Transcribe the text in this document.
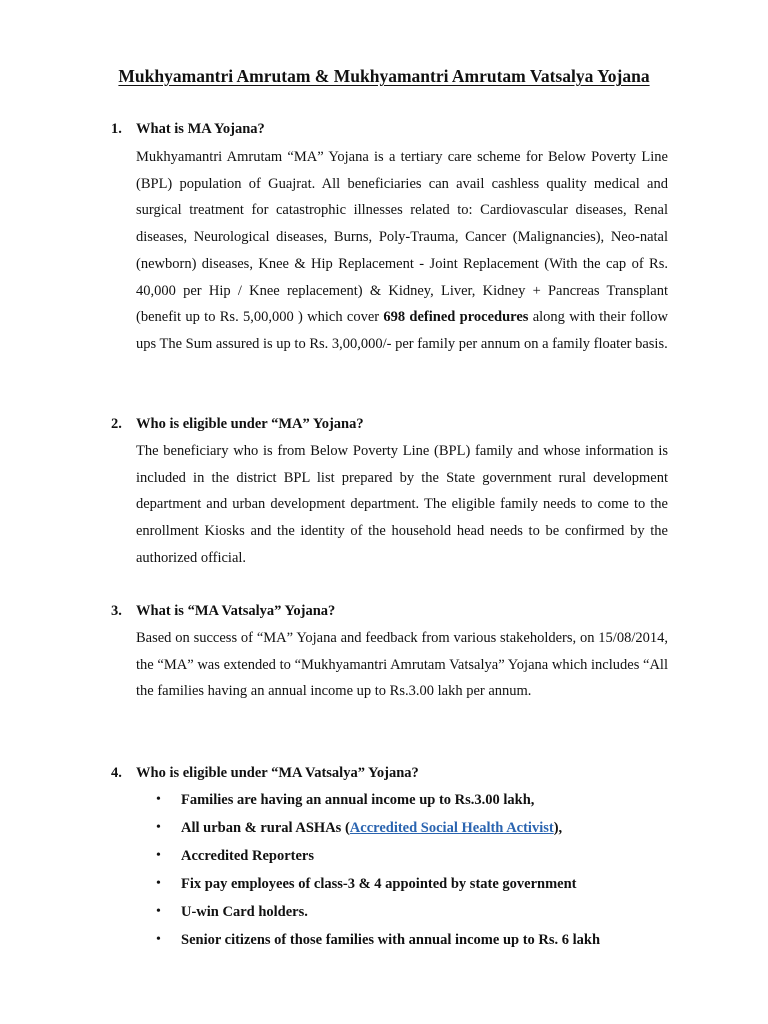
Mukhyamantri Amrutam & Mukhyamantri Amrutam Vatsalya Yojana
1. What is MA Yojana?

Mukhyamantri Amrutam “MA” Yojana is a tertiary care scheme for Below Poverty Line (BPL) population of Guajrat. All beneficiaries can avail cashless quality medical and surgical treatment for catastrophic illnesses related to: Cardiovascular diseases, Renal diseases, Neurological diseases, Burns, Poly-Trauma, Cancer (Malignancies), Neo-natal (newborn) diseases, Knee & Hip Replacement - Joint Replacement (With the cap of Rs. 40,000 per Hip / Knee replacement) & Kidney, Liver, Kidney + Pancreas Transplant (benefit up to Rs. 5,00,000 ) which cover 698 defined procedures along with their follow ups The Sum assured is up to Rs. 3,00,000/- per family per annum on a family floater basis.

2. Who is eligible under “MA” Yojana?

The beneficiary who is from Below Poverty Line (BPL) family and whose information is included in the district BPL list prepared by the State government rural development department and urban development department. The eligible family needs to come to the enrollment Kiosks and the identity of the household head needs to be confirmed by the authorized official.

3. What is “MA Vatsalya” Yojana?

Based on success of “MA” Yojana and feedback from various stakeholders, on 15/08/2014, the “MA” was extended to “Mukhyamantri Amrutam Vatsalya” Yojana which includes “All the families having an annual income up to Rs.3.00 lakh per annum.

4. Who is eligible under “MA Vatsalya” Yojana?
• Families are having an annual income up to Rs.3.00 lakh,
• All urban & rural ASHAs (Accredited Social Health Activist),
• Accredited Reporters
• Fix pay employees of class-3 & 4 appointed by state government
• U-win Card holders.
• Senior citizens of those families with annual income up to Rs. 6 lakh
